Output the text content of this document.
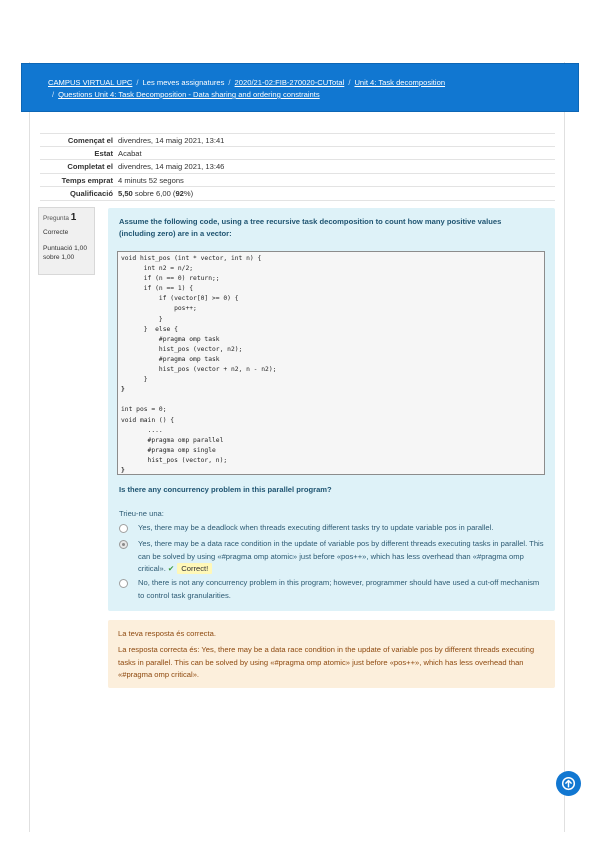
CAMPUS VIRTUAL UPC / Les meves assignatures / 2020/21-02:FIB-270020-CUTotal / Unit 4: Task decomposition
/ Questions Unit 4: Task Decomposition - Data sharing and ordering constraints
Començat el divendres, 14 maig 2021, 13:41
Estat Acabat
Completat el divendres, 14 maig 2021, 13:46
Temps emprat 4 minuts 52 segons
Qualificació 5,50 sobre 6,00 (92%)
Pregunta 1
Correcte
Puntuació 1,00
sobre 1,00
Assume the following code, using a tree recursive task decomposition to count how many positive values (including zero) are in a vector:
void hist_pos (int * vector, int n) {
int n2 = n/2;
if (n == 0) return;;
if (n == 1) {
if (vector[0] >= 0) {
pos++;
}
}  else {
#pragma omp task
hist_pos (vector, n2);
#pragma omp task
hist_pos (vector + n2, n - n2);
}
}

int pos = 0;
void main () {
....
#pragma omp parallel
#pragma omp single
hist_pos (vector, n);
}
Is there any concurrency problem in this parallel program?
Trieu-ne una:
Yes, there may be a deadlock when threads executing different tasks try to update variable pos in parallel.
Yes, there may be a data race condition in the update of variable pos by different threads executing tasks in parallel. This can be solved by using «#pragma omp atomic» just before «pos++», which has less overhead than «#pragma omp critical». ✔ Correct!
No, there is not any concurrency problem in this program; however, programmer should have used a cut-off mechanism to control task granularities.
La teva resposta és correcta.
La resposta correcta és: Yes, there may be a data race condition in the update of variable pos by different threads executing tasks in parallel. This can be solved by using «#pragma omp atomic» just before «pos++», which has less overhead than «#pragma omp critical».
